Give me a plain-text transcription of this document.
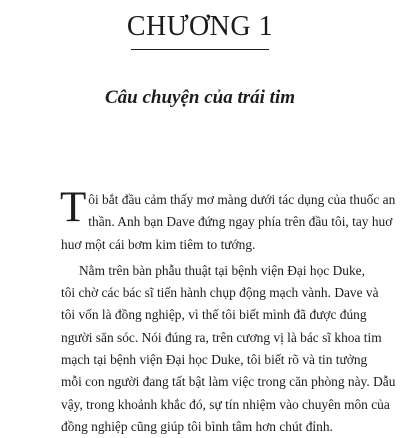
CHƯƠNG 1
Câu chuyện của trái tim

T ôi bắt đầu cảm thấy mơ màng dưới tác dụng của thuốc an
thần. Anh bạn Dave đứng ngay phía trên đầu tôi, tay huơ
huơ một cái bơm kim tiêm to tướng.

Nằm trên bàn phẫu thuật tại bệnh viện Đại học Duke,
tôi chờ các bác sĩ tiến hành chụp động mạch vành. Dave và
tôi vốn là đồng nghiệp, vì thế tôi biết mình đã được đúng
người săn sóc. Nói đúng ra, trên cương vị là bác sĩ khoa tim
mạch tại bệnh viện Đại học Duke, tôi biết rõ và tin tưởng
mỗi con người đang tất bật làm việc trong căn phòng này. Dẫu
vậy, trong khoảnh khắc đó, sự tín nhiệm vào chuyên môn của
đồng nghiệp cũng giúp tôi bình tâm hơn chút đỉnh.
